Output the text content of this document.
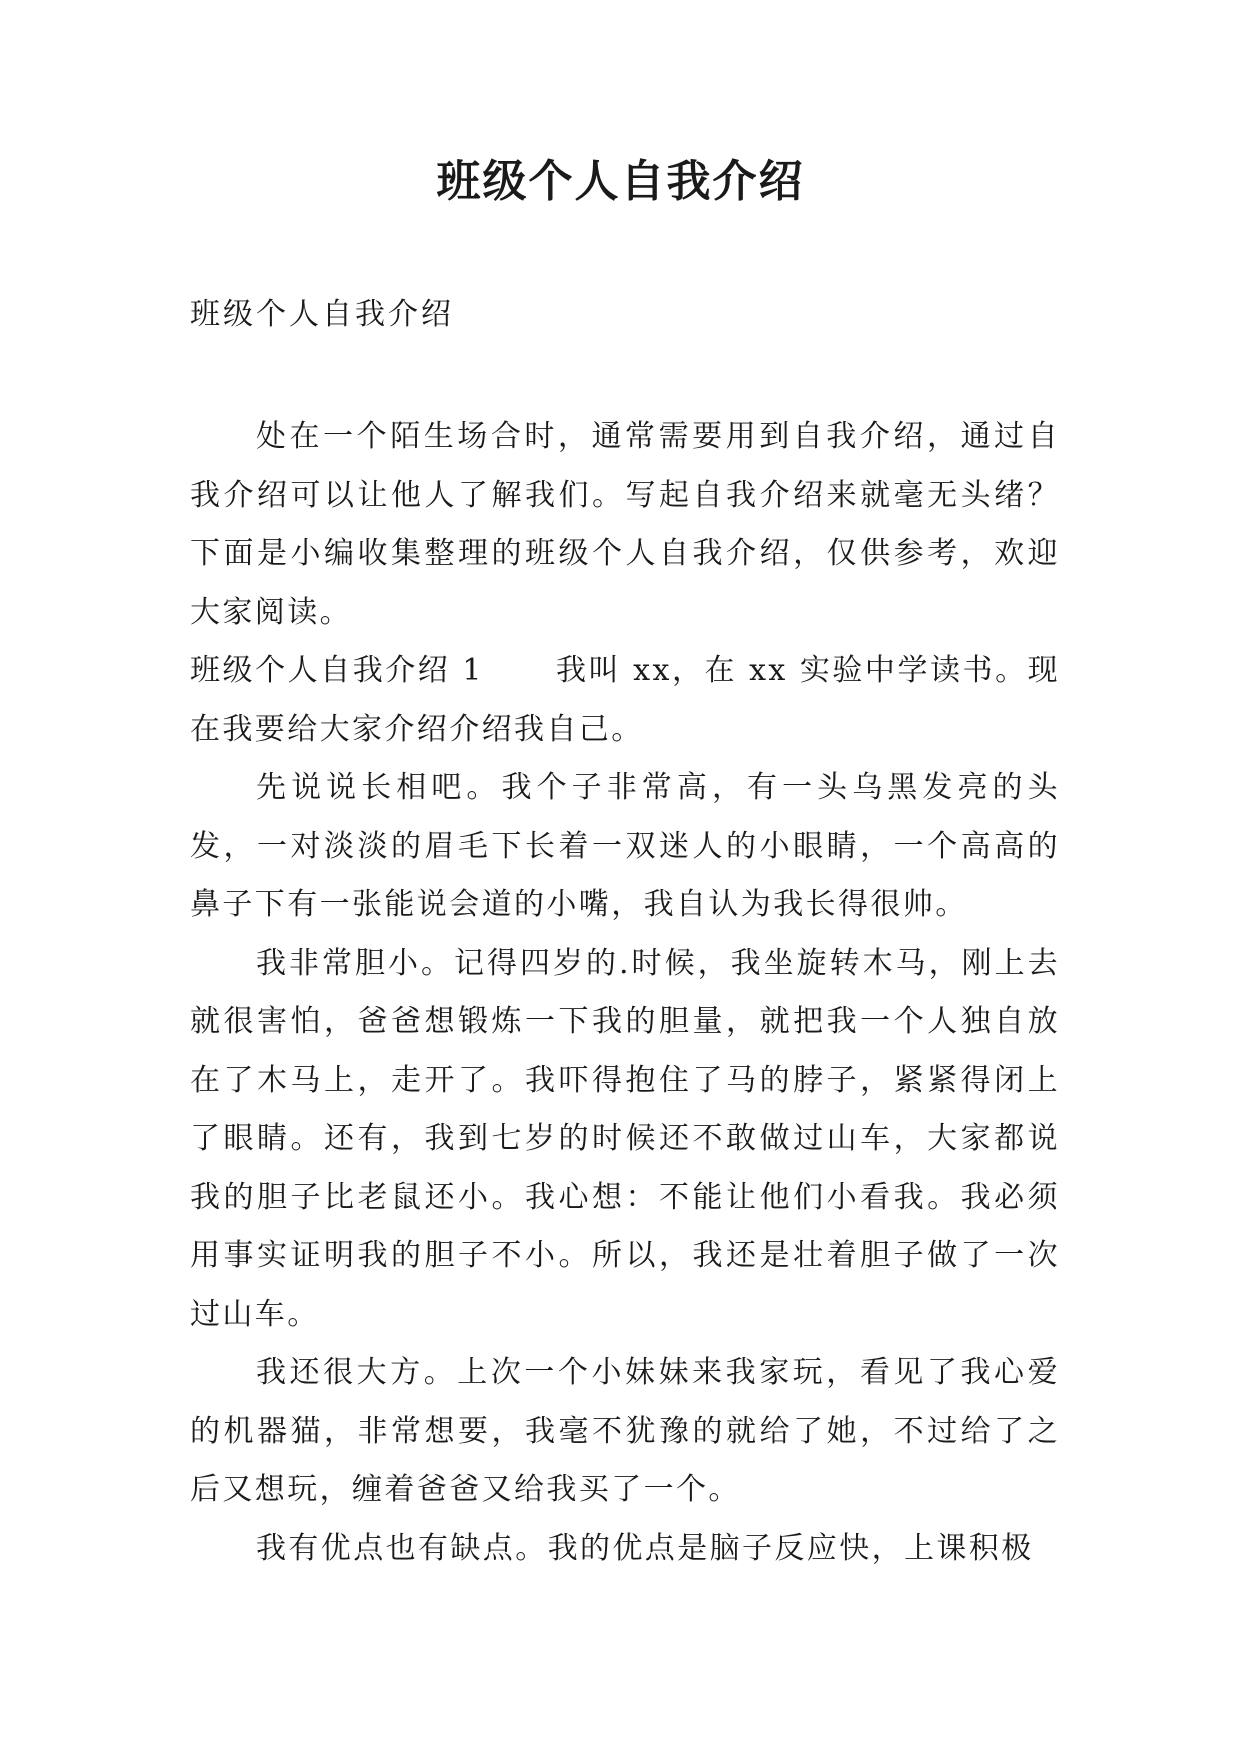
班级个人自我介绍

班级个人自我介绍

处在一个陌生场合时，通常需要用到自我介绍，通过自我介绍可以让他人了解我们。写起自我介绍来就毫无头绪？下面是小编收集整理的班级个人自我介绍，仅供参考，欢迎大家阅读。

班级个人自我介绍 1 我叫 xx，在 xx 实验中学读书。现在我要给大家介绍介绍我自己。

先说说长相吧。我个子非常高，有一头乌黑发亮的头发，一对淡淡的眉毛下长着一双迷人的小眼睛，一个高高的鼻子下有一张能说会道的小嘴，我自认为我长得很帅。

我非常胆小。记得四岁的.时候，我坐旋转木马，刚上去就很害怕，爸爸想锻炼一下我的胆量，就把我一个人独自放在了木马上，走开了。我吓得抱住了马的脖子，紧紧得闭上了眼睛。还有，我到七岁的时候还不敢做过山车，大家都说我的胆子比老鼠还小。我心想：不能让他们小看我。我必须用事实证明我的胆子不小。所以，我还是壮着胆子做了一次过山车。

我还很大方。上次一个小妹妹来我家玩，看见了我心爱的机器猫，非常想要，我毫不犹豫的就给了她，不过给了之后又想玩，缠着爸爸又给我买了一个。

我有优点也有缺点。我的优点是脑子反应快，上课积极
